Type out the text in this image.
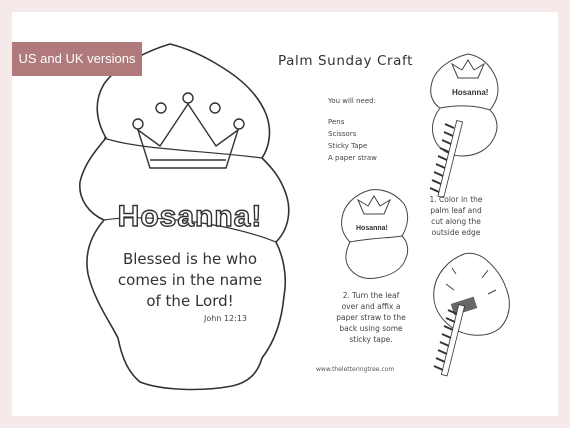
Hosanna!
Hosanna!
US and UK versions
Hosanna!
Blessed is he who
comes in the name
of the Lord!
John 12:13
Palm Sunday Craft
You will need:
Pens
Scissors
Sticky Tape
A paper straw
1. Color in the
palm leaf and
cut along the
outside edge
2. Turn the leaf
over and affix a
paper straw to the
back using some
sticky tape.
www.theletteringtree.com
